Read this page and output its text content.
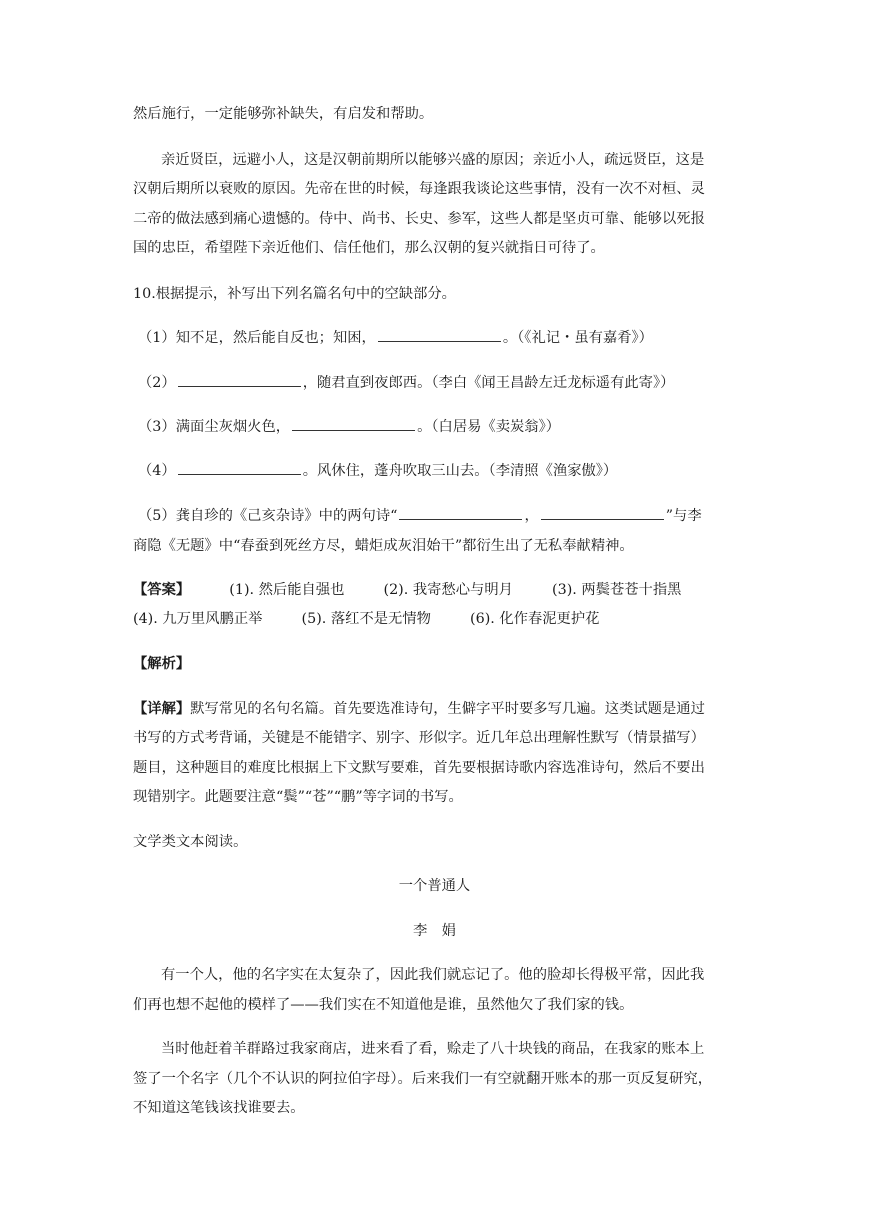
然后施行，一定能够弥补缺失，有启发和帮助。
亲近贤臣，远避小人，这是汉朝前期所以能够兴盛的原因；亲近小人，疏远贤臣，这是
汉朝后期所以衰败的原因。先帝在世的时候，每逢跟我谈论这些事情，没有一次不对桓、灵
二帝的做法感到痛心遗憾的。侍中、尚书、长史、参军，这些人都是坚贞可靠、能够以死报
国的忠臣，希望陛下亲近他们、信任他们，那么汉朝的复兴就指日可待了。
10.根据提示，补写出下列名篇名句中的空缺部分。
（1）知不足，然后能自反也；知困，	。（《礼记・虽有嘉肴》）
（2）	，随君直到夜郎西。（李白《闻王昌龄左迁龙标遥有此寄》）
（3）满面尘灰烟火色，	。（白居易《卖炭翁》）
（4）	。风休住，蓬舟吹取三山去。（李清照《渔家傲》）
（5）龚自珍的《己亥杂诗》中的两句诗“	，	”与李
商隐《无题》中“春蚕到死丝方尽，蜡炬成灰泪始干”都衍生出了无私奉献精神。
【答案】	(1). 然后能自强也	(2). 我寄愁心与明月	(3). 两鬓苍苍十指黑
(4). 九万里风鹏正举	(5). 落红不是无情物	(6). 化作春泥更护花
【解析】
【详解】默写常见的名句名篇。首先要选准诗句，生僻字平时要多写几遍。这类试题是通过
书写的方式考背诵，关键是不能错字、别字、形似字。近几年总出理解性默写（情景描写）
题目，这种题目的难度比根据上下文默写要难，首先要根据诗歌内容选准诗句，然后不要出
现错别字。此题要注意“鬓”“苍”“鹏”等字词的书写。
文学类文本阅读。
一个普通人
李　娟
有一个人，他的名字实在太复杂了，因此我们就忘记了。他的脸却长得极平常，因此我
们再也想不起他的模样了——我们实在不知道他是谁，虽然他欠了我们家的钱。
当时他赶着羊群路过我家商店，进来看了看，赊走了八十块钱的商品，在我家的账本上
签了一个名字（几个不认识的阿拉伯字母）。后来我们一有空就翻开账本的那一页反复研究，
不知道这笔钱该找谁要去。
